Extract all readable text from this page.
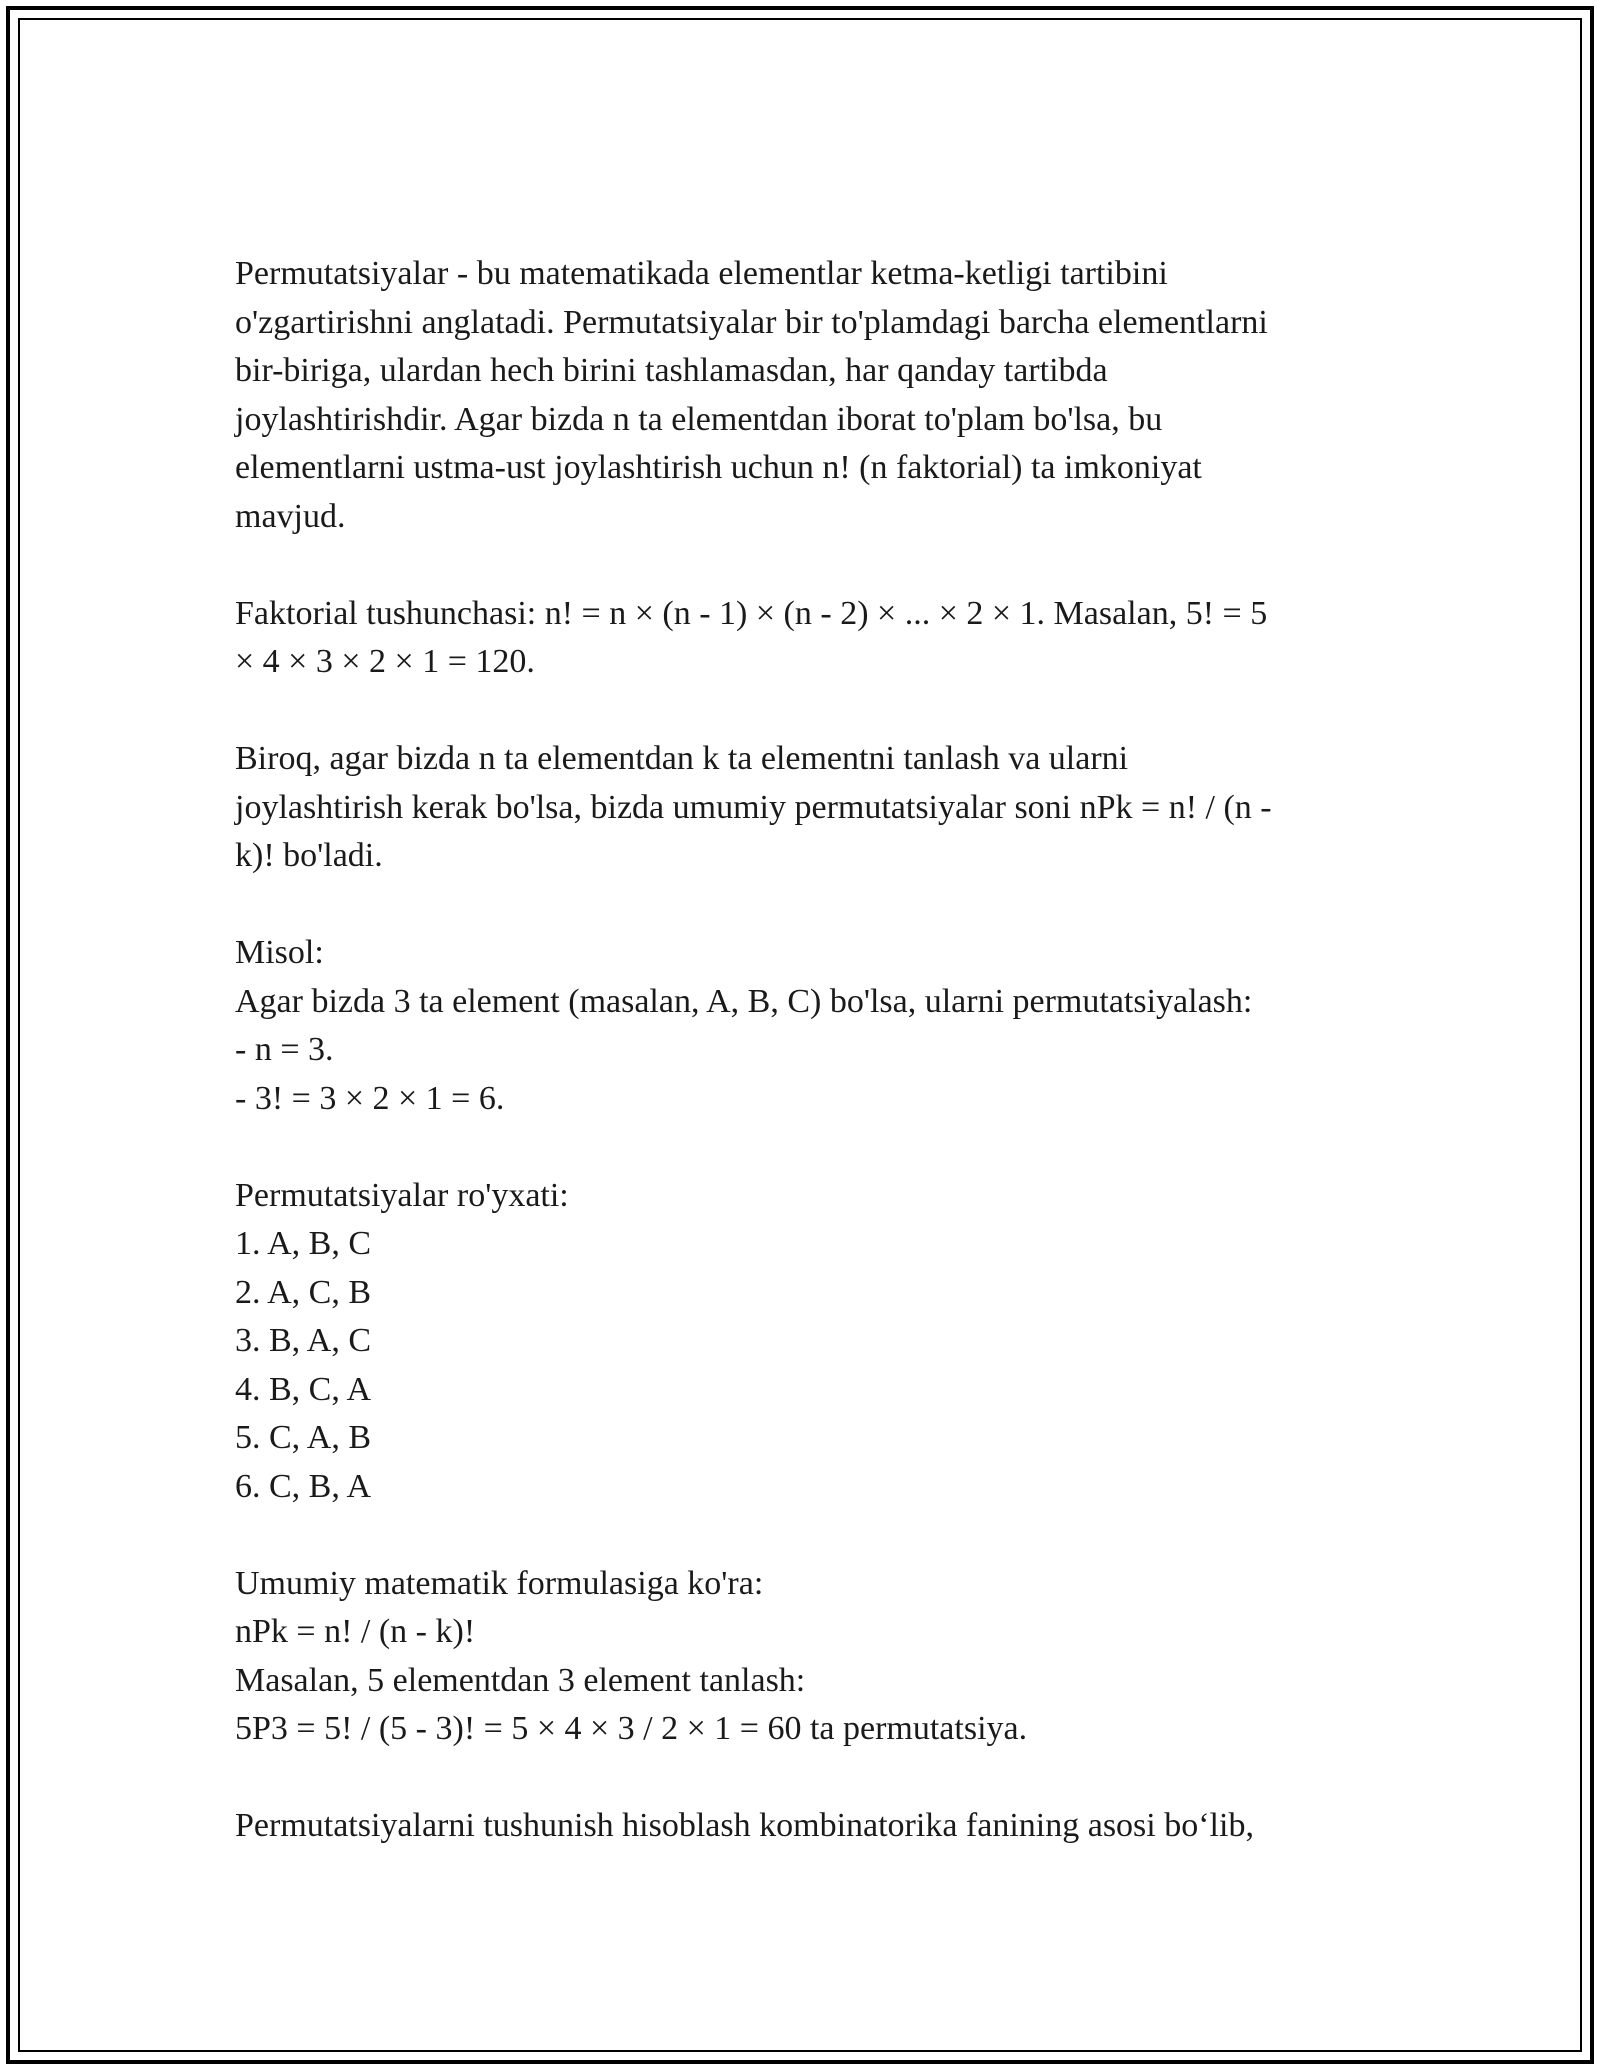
Permutatsiyalar - bu matematikada elementlar ketma-ketligi tartibini
o'zgartirishni anglatadi. Permutatsiyalar bir to'plamdagi barcha elementlarni
bir-biriga, ulardan hech birini tashlamasdan, har qanday tartibda
joylashtirishdir. Agar bizda n ta elementdan iborat to'plam bo'lsa, bu
elementlarni ustma-ust joylashtirish uchun n! (n faktorial) ta imkoniyat
mavjud.
Faktorial tushunchasi: n! = n × (n - 1) × (n - 2) × ... × 2 × 1. Masalan, 5! = 5
× 4 × 3 × 2 × 1 = 120.
Biroq, agar bizda n ta elementdan k ta elementni tanlash va ularni
joylashtirish kerak bo'lsa, bizda umumiy permutatsiyalar soni nPk = n! / (n -
k)! bo'ladi.
Misol:
Agar bizda 3 ta element (masalan, A, B, C) bo'lsa, ularni permutatsiyalash:
- n = 3.
- 3! = 3 × 2 × 1 = 6.
Permutatsiyalar ro'yxati:
1. A, B, C
2. A, C, B
3. B, A, C
4. B, C, A
5. C, A, B
6. C, B, A
Umumiy matematik formulasiga ko'ra:
nPk = n! / (n - k)!
Masalan, 5 elementdan 3 element tanlash:
5P3 = 5! / (5 - 3)! = 5 × 4 × 3 / 2 × 1 = 60 ta permutatsiya.
Permutatsiyalarni tushunish hisoblash kombinatorika fanining asosi bo‘lib,
